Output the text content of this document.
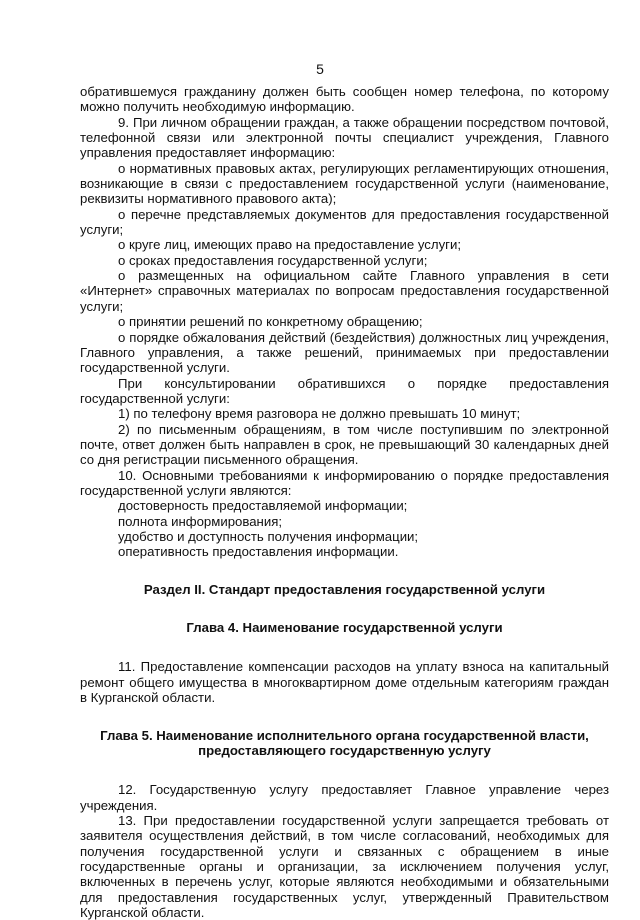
5

обратившемуся гражданину должен быть сообщен номер телефона, по которому можно получить необходимую информацию.

9. При личном обращении граждан, а также обращении посредством почтовой, телефонной связи или электронной почты специалист учреждения, Главного управления предоставляет информацию:

о нормативных правовых актах, регулирующих регламентирующих отношения, возникающие в связи с предоставлением государственной услуги (наименование, реквизиты нормативного правового акта);

о перечне представляемых документов для предоставления государственной услуги;

о круге лиц, имеющих право на предоставление услуги;

о сроках предоставления государственной услуги;

о размещенных на официальном сайте Главного управления в сети «Интернет» справочных материалах по вопросам предоставления государственной услуги;

о принятии решений по конкретному обращению;

о порядке обжалования действий (бездействия) должностных лиц учреждения, Главного управления, а также решений, принимаемых при предоставлении государственной услуги.

При консультировании обратившихся о порядке предоставления государственной услуги:

1) по телефону время разговора не должно превышать 10 минут;

2) по письменным обращениям, в том числе поступившим по электронной почте, ответ должен быть направлен в срок, не превышающий 30 календарных дней со дня регистрации письменного обращения.

10. Основными требованиями к информированию о порядке предоставления государственной услуги являются:

достоверность предоставляемой информации;

полнота информирования;

удобство и доступность получения информации;

оперативность предоставления информации.

Раздел II. Стандарт предоставления государственной услуги
Глава 4. Наименование государственной услуги

11. Предоставление компенсации расходов на уплату взноса на капитальный ремонт общего имущества в многоквартирном доме отдельным категориям граждан в Курганской области.

Глава 5. Наименование исполнительного органа государственной власти,
предоставляющего государственную услугу

12. Государственную услугу предоставляет Главное управление через учреждения.

13. При предоставлении государственной услуги запрещается требовать от заявителя осуществления действий, в том числе согласований, необходимых для получения государственной услуги и связанных с обращением в иные государственные органы и организации, за исключением получения услуг, включенных в перечень услуг, которые являются необходимыми и обязательными для предоставления государственных услуг, утвержденный Правительством Курганской области.
